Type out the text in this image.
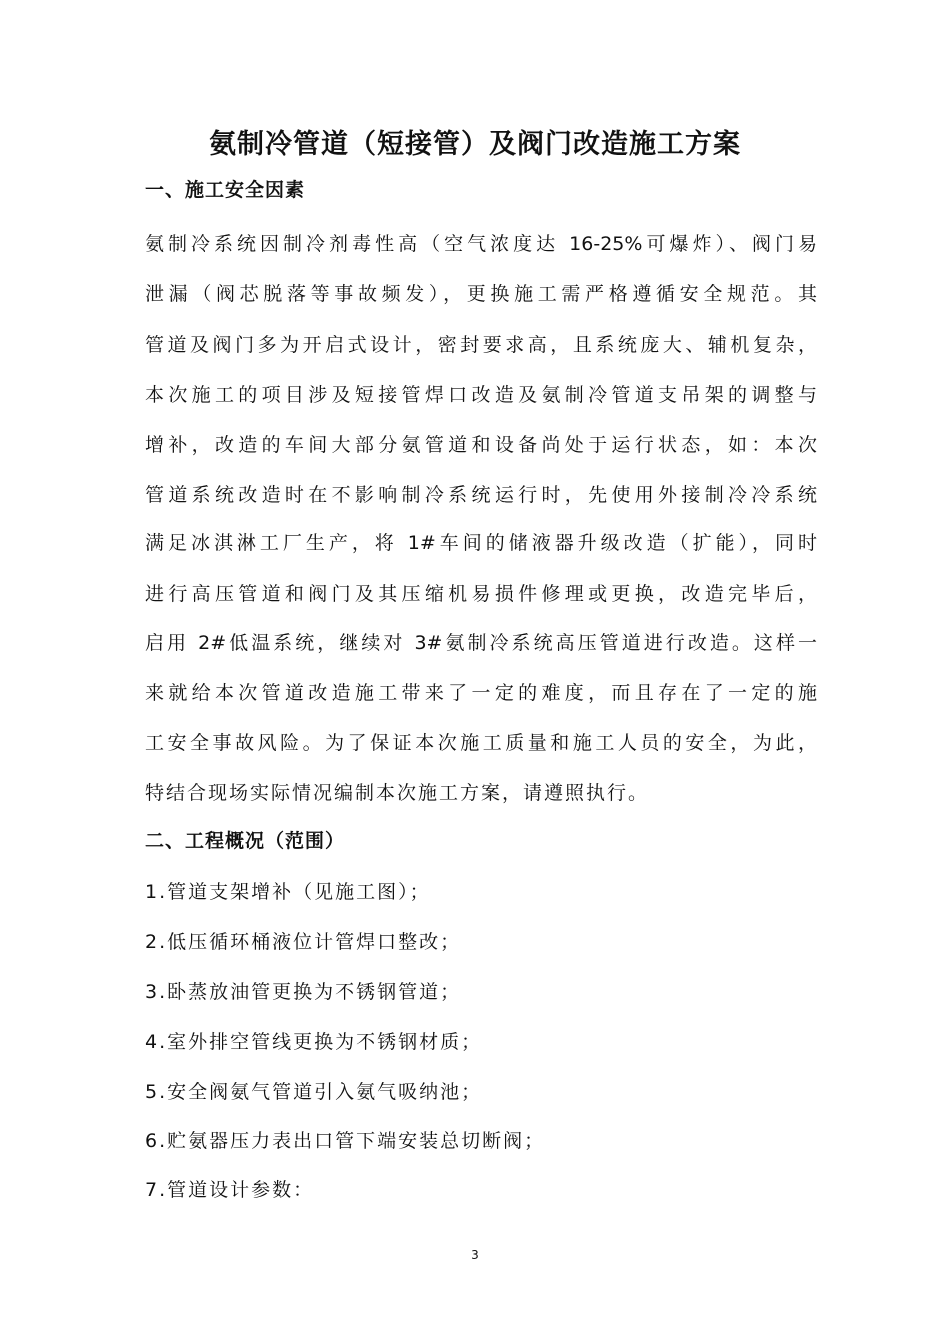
氨制冷管道（短接管）及阀门改造施工方案
一、施工安全因素

氨制冷系统因制冷剂毒性高（空气浓度达 16-25%可爆炸）、阀门易

泄漏（阀芯脱落等事故频发），更换施工需严格遵循安全规范。其

管道及阀门多为开启式设计，密封要求高，且系统庞大、辅机复杂，

本次施工的项目涉及短接管焊口改造及氨制冷管道支吊架的调整与

增补，改造的车间大部分氨管道和设备尚处于运行状态，如：本次

管道系统改造时在不影响制冷系统运行时，先使用外接制冷冷系统

满足冰淇淋工厂生产，将 1#车间的储液器升级改造（扩能），同时

进行高压管道和阀门及其压缩机易损件修理或更换，改造完毕后，

启用 2#低温系统，继续对 3#氨制冷系统高压管道进行改造。这样一

来就给本次管道改造施工带来了一定的难度，而且存在了一定的施

工安全事故风险。为了保证本次施工质量和施工人员的安全，为此，

特结合现场实际情况编制本次施工方案，请遵照执行。

二、工程概况（范围）

1.管道支架增补（见施工图）；

2.低压循环桶液位计管焊口整改；

3.卧蒸放油管更换为不锈钢管道；

4.室外排空管线更换为不锈钢材质；

5.安全阀氨气管道引入氨气吸纳池；

6.贮氨器压力表出口管下端安装总切断阀；

7.管道设计参数：

3
